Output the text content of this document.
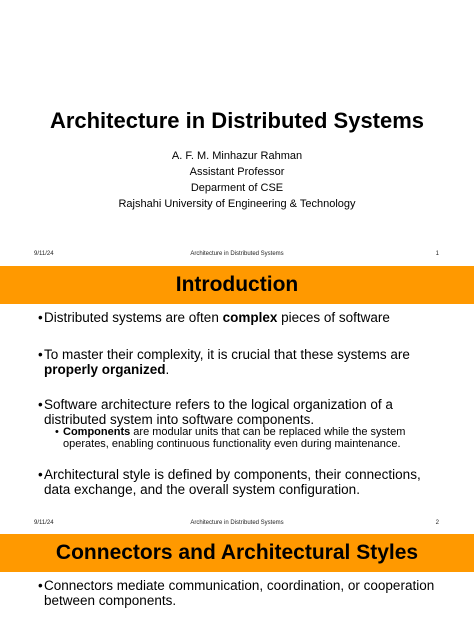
Architecture in Distributed Systems
A. F. M. Minhazur Rahman
Assistant Professor
Deparment of CSE
Rajshahi University of Engineering & Technology
9/11/24	Architecture in Distributed Systems	1
Introduction
• Distributed systems are often complex pieces of software
• To master their complexity, it is crucial that these systems are properly organized.
• Software architecture refers to the logical organization of a distributed system into software components.
• Components are modular units that can be replaced while the system operates, enabling continuous functionality even during maintenance.
• Architectural style is defined by components, their connections, data exchange, and the overall system configuration.
9/11/24	Architecture in Distributed Systems	2
Connectors and Architectural Styles
• Connectors mediate communication, coordination, or cooperation between components.
